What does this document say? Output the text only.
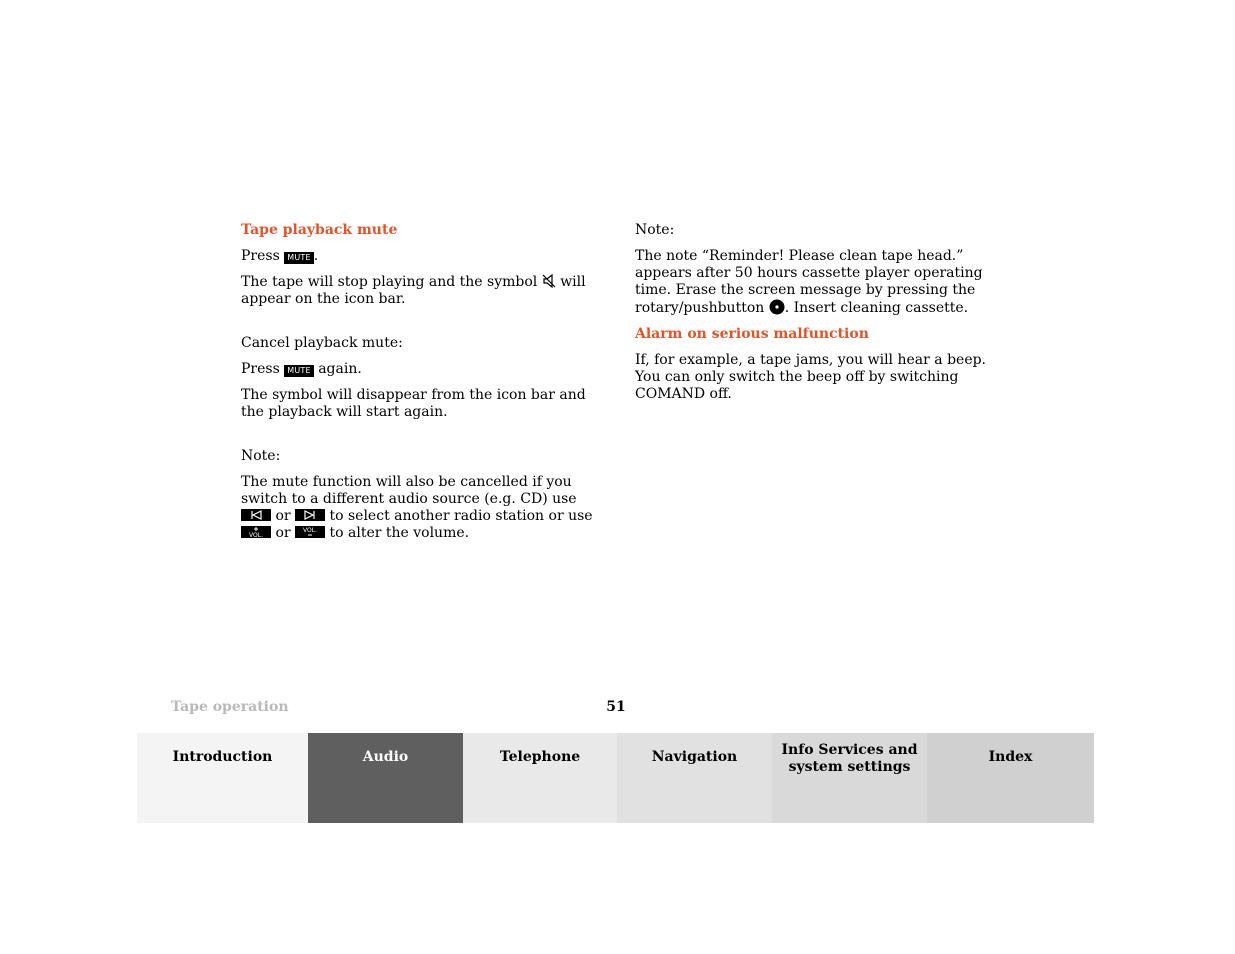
Tape playback mute

Press MUTE .

The tape will stop playing and the symbol will appear on the icon bar.

Cancel playback mute:

Press MUTE again.

The symbol will disappear from the icon bar and the playback will start again.

Note:

The mute function will also be cancelled if you switch to a different audio source (e.g. CD) use
or	to select another radio station or use
VOL. or VOL. to alter the volume.

Note:

The note “Reminder! Please clean tape head.” appears after 50 hours cassette player operating time. Erase the screen message by pressing the rotary/pushbutton . Insert cleaning cassette.

Alarm on serious malfunction

If, for example, a tape jams, you will hear a beep. You can only switch the beep off by switching COMAND off.

Tape operation	51
Introduction	Audio	Telephone	Navigation	Info Services and
system settings
Index
